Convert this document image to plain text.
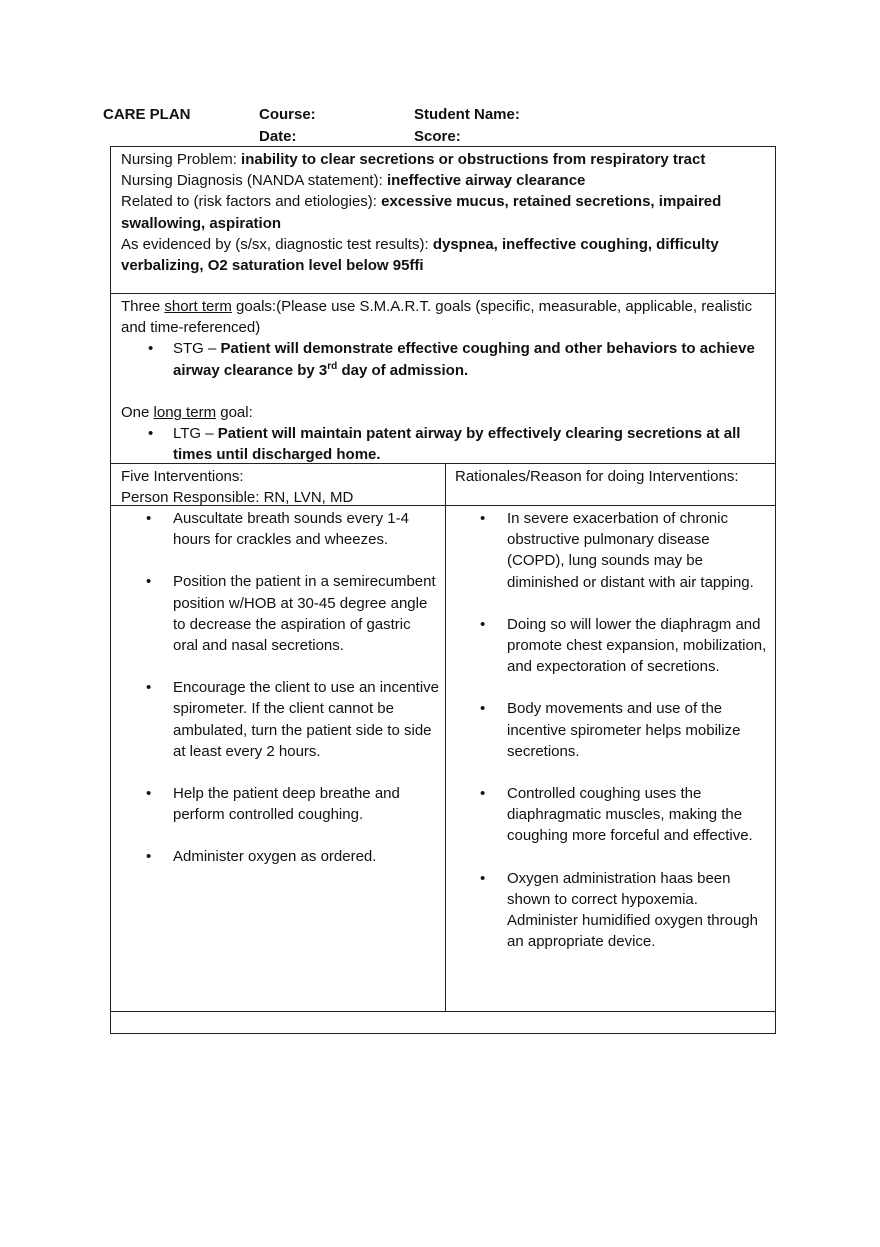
CARE PLAN	Course:
Date:
Student Name:
Score:

Nursing Problem: inability to clear secretions or obstructions from respiratory tract

Nursing Diagnosis (NANDA statement): ineffective airway clearance

Related to (risk factors and etiologies): excessive mucus, retained secretions, impaired swallowing, aspiration

As evidenced by (s/sx, diagnostic test results): dyspnea, ineffective coughing, difficulty verbalizing, O2 saturation level below 95ffi

Three short term goals:(Please use S.M.A.R.T. goals (specific, measurable, applicable, realistic and time-referenced)

• STG – Patient will demonstrate effective coughing and other behaviors to achieve airway clearance by 3rd day of admission.

One long term goal:

• LTG – Patient will maintain patent airway by effectively clearing secretions at all times until discharged home.

Five Interventions:

Person Responsible: RN, LVN, MD

Rationales/Reason for doing Interventions:

• Auscultate breath sounds every 1-4 hours for crackles and wheezes.

• Position the patient in a semirecumbent position w/HOB at 30-45 degree angle to decrease the aspiration of gastric oral and nasal secretions.

• Encourage the client to use an incentive spirometer. If the client cannot be ambulated, turn the patient side to side at least every 2 hours.

• Help the patient deep breathe and perform controlled coughing.

• Administer oxygen as ordered.

• In severe exacerbation of chronic obstructive pulmonary disease (COPD), lung sounds may be diminished or distant with air tapping.

• Doing so will lower the diaphragm and promote chest expansion, mobilization, and expectoration of secretions.

• Body movements and use of the incentive spirometer helps mobilize secretions.

• Controlled coughing uses the diaphragmatic muscles, making the coughing more forceful and effective.

• Oxygen administration haas been shown to correct hypoxemia. Administer humidified oxygen through an appropriate device.
